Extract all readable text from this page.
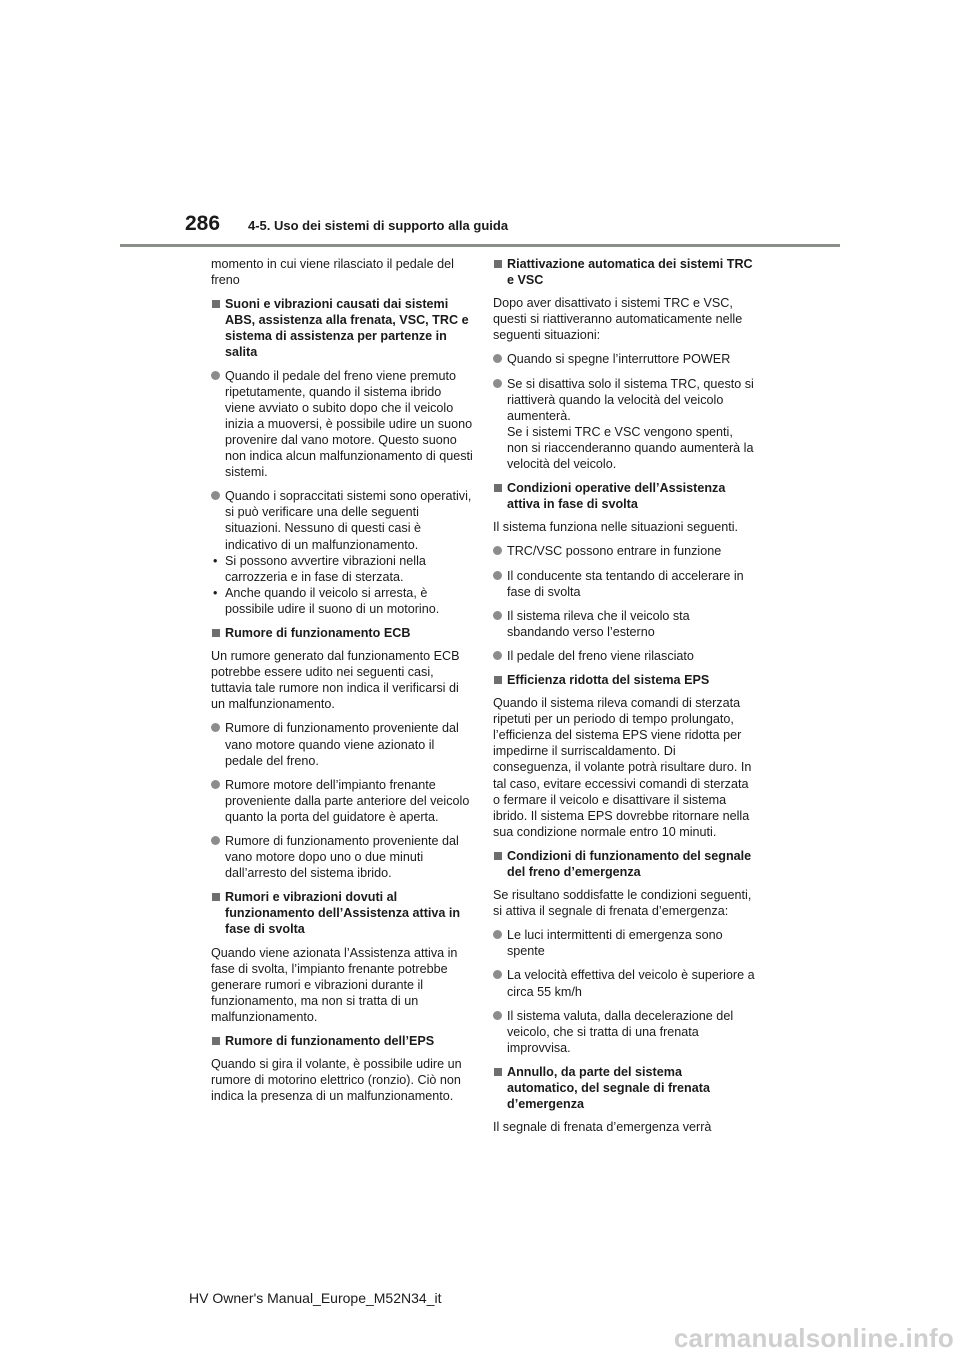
286 4-5. Uso dei sistemi di supporto alla guida

momento in cui viene rilasciato il pedale del freno

Suoni e vibrazioni causati dai sistemi ABS, assistenza alla frenata, VSC, TRC e sistema di assistenza per partenze in salita

Quando il pedale del freno viene premuto ripetutamente, quando il sistema ibrido viene avviato o subito dopo che il veicolo inizia a muoversi, è possibile udire un suono provenire dal vano motore. Questo suono non indica alcun malfunzionamento di questi sistemi.

Quando i sopraccitati sistemi sono operativi, si può verificare una delle seguenti situazioni. Nessuno di questi casi è indicativo di un malfunzionamento.

• Si possono avvertire vibrazioni nella carrozzeria e in fase di sterzata.

• Anche quando il veicolo si arresta, è possibile udire il suono di un motorino.

Rumore di funzionamento ECB

Un rumore generato dal funzionamento ECB potrebbe essere udito nei seguenti casi, tuttavia tale rumore non indica il verificarsi di un malfunzionamento.

Rumore di funzionamento proveniente dal vano motore quando viene azionato il pedale del freno.

Rumore motore dell’impianto frenante proveniente dalla parte anteriore del veicolo quanto la porta del guidatore è aperta.

Rumore di funzionamento proveniente dal vano motore dopo uno o due minuti dall’arresto del sistema ibrido.

Rumori e vibrazioni dovuti al funzionamento dell’Assistenza attiva in fase di svolta

Quando viene azionata l’Assistenza attiva in fase di svolta, l’impianto frenante potrebbe generare rumori e vibrazioni durante il funzionamento, ma non si tratta di un malfunzionamento.

Rumore di funzionamento dell’EPS

Quando si gira il volante, è possibile udire un rumore di motorino elettrico (ronzio). Ciò non indica la presenza di un malfunzionamento.

Riattivazione automatica dei sistemi TRC e VSC

Dopo aver disattivato i sistemi TRC e VSC, questi si riattiveranno automaticamente nelle seguenti situazioni:

Quando si spegne l’interruttore POWER

Se si disattiva solo il sistema TRC, questo si riattiverà quando la velocità del veicolo aumenterà.

Se i sistemi TRC e VSC vengono spenti, non si riaccenderanno quando aumenterà la velocità del veicolo.

Condizioni operative dell’Assistenza attiva in fase di svolta

Il sistema funziona nelle situazioni seguenti.

TRC/VSC possono entrare in funzione

Il conducente sta tentando di accelerare in fase di svolta

Il sistema rileva che il veicolo sta sbandando verso l’esterno

Il pedale del freno viene rilasciato

Efficienza ridotta del sistema EPS

Quando il sistema rileva comandi di sterzata ripetuti per un periodo di tempo prolungato, l’efficienza del sistema EPS viene ridotta per impedirne il surriscaldamento. Di conseguenza, il volante potrà risultare duro. In tal caso, evitare eccessivi comandi di sterzata o fermare il veicolo e disattivare il sistema ibrido. Il sistema EPS dovrebbe ritornare nella sua condizione normale entro 10 minuti.

Condizioni di funzionamento del segnale del freno d’emergenza

Se risultano soddisfatte le condizioni seguenti, si attiva il segnale di frenata d’emergenza:

Le luci intermittenti di emergenza sono spente

La velocità effettiva del veicolo è superiore a circa 55 km/h

Il sistema valuta, dalla decelerazione del veicolo, che si tratta di una frenata improvvisa.

Annullo, da parte del sistema automatico, del segnale di frenata d’emergenza

Il segnale di frenata d’emergenza verrà

HV Owner's Manual_Europe_M52N34_it
carmanualsonline.info
